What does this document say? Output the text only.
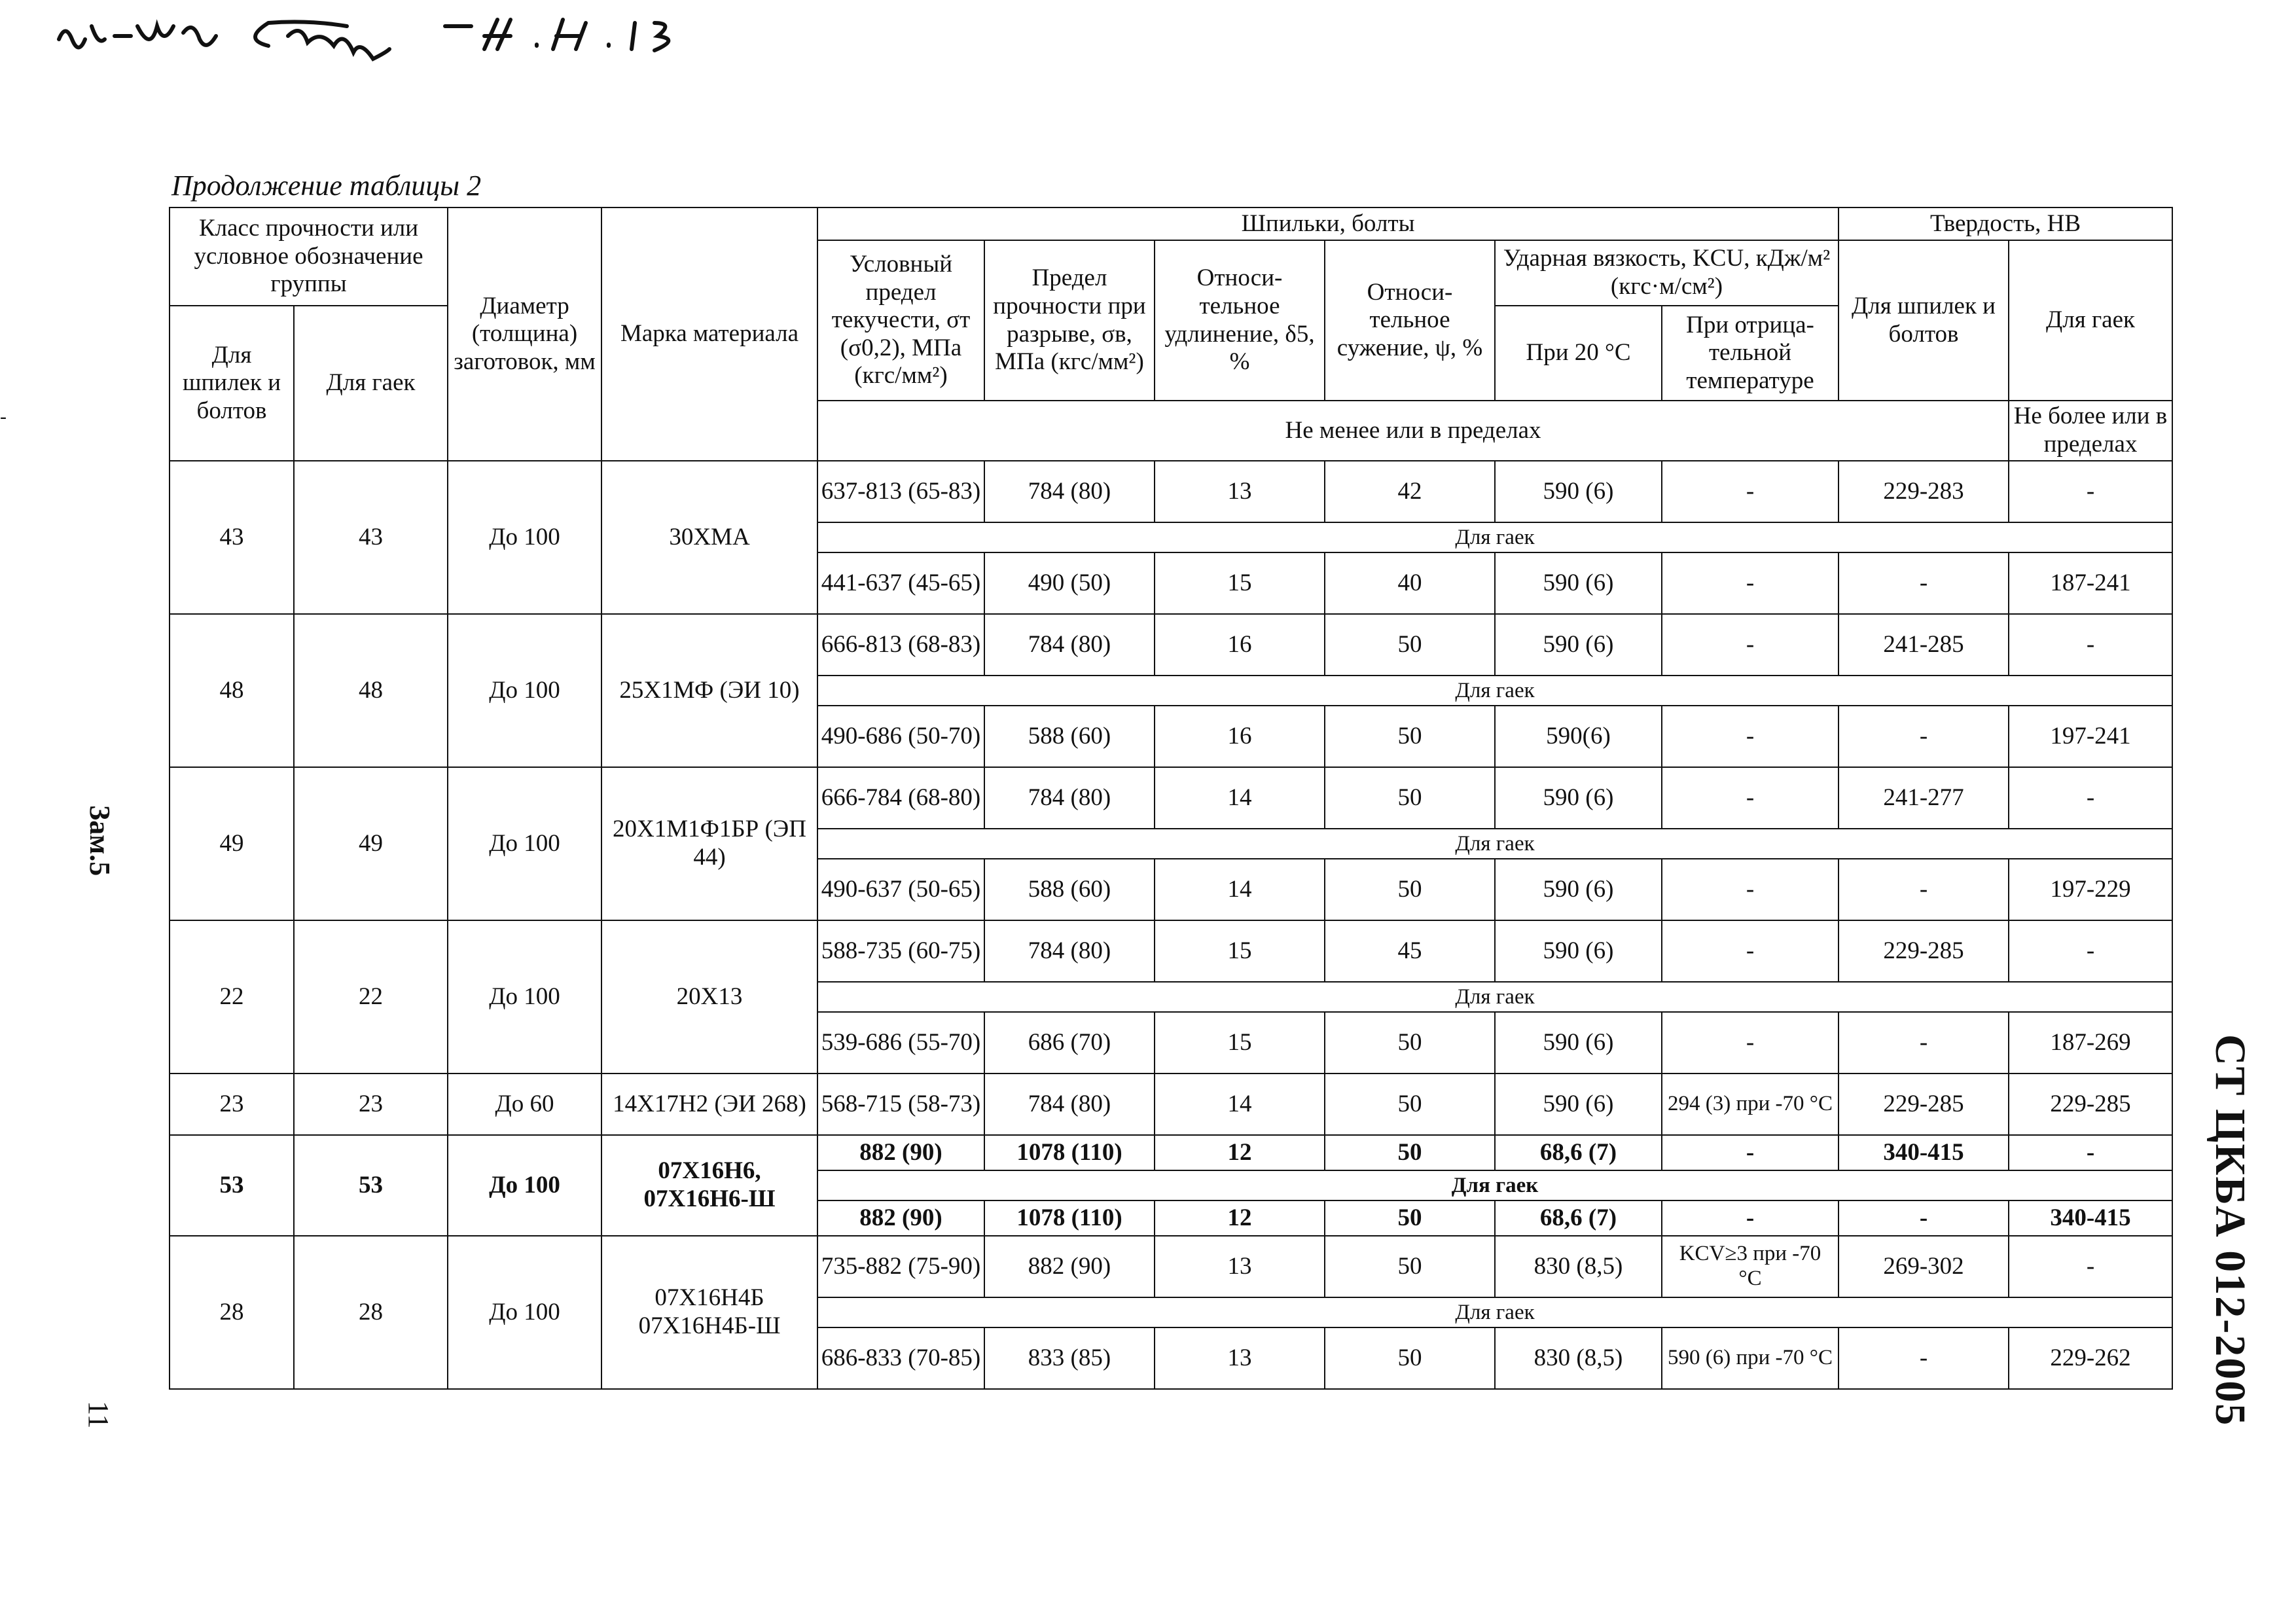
Продолжение таблицы 2
-
Зам.5
11	СТ ЦКБА 012-2005
Класс прочности или условное обозначение группы		Диаметр (толщина) заготовок, мм	Марка материала	Шпильки, болты						Твердость, НВ	
				Условный предел текучести, σт (σ0,2), МПа (кгс/мм²)	Предел прочности при разрыве, σв, МПа (кгс/мм²)	Относи-тельное удлинение, δ5, %	Относи-тельное сужение, ψ, %	Ударная вязкость, KCU, кДж/м² (кгс·м/см²)		Для шпилек и болтов	Для гаек
Для шпилек и болтов	Для гаек							При 20 °С	При отрица-тельной температуре		
				Не менее или в пределах							Не более или в пределах
43	43	До 100	30ХМА	637-813 (65-83)	784 (80)	13	42	590 (6)	-	229-283	-
				Для гаек							
				441-637 (45-65)	490 (50)	15	40	590 (6)	-	-	187-241
48	48	До 100	25Х1МФ (ЭИ 10)	666-813 (68-83)	784 (80)	16	50	590 (6)	-	241-285	-
				Для гаек							
				490-686 (50-70)	588 (60)	16	50	590(6)	-	-	197-241
49	49	До 100	20Х1М1Ф1БР (ЭП 44)	666-784 (68-80)	784 (80)	14	50	590 (6)	-	241-277	-
				Для гаек							
				490-637 (50-65)	588 (60)	14	50	590 (6)	-	-	197-229
22	22	До 100	20Х13	588-735 (60-75)	784 (80)	15	45	590 (6)	-	229-285	-
				Для гаек							
				539-686 (55-70)	686 (70)	15	50	590 (6)	-	-	187-269
23	23	До 60	14Х17Н2 (ЭИ 268)	568-715 (58-73)	784 (80)	14	50	590 (6)	294 (3) при -70 °С	229-285	229-285
53	53	До 100	07Х16Н6, 07Х16Н6-Ш	882 (90)	1078 (110)	12	50	68,6 (7)	-	340-415	-
				Для гаек							
				882 (90)	1078 (110)	12	50	68,6 (7)	-	-	340-415
28	28	До 100	07Х16Н4Б 07Х16Н4Б-Ш	735-882 (75-90)	882 (90)	13	50	830 (8,5)	KCV≥3 при -70 °С	269-302	-
				Для гаек							
				686-833 (70-85)	833 (85)	13	50	830 (8,5)	590 (6) при -70 °С	-	229-262
